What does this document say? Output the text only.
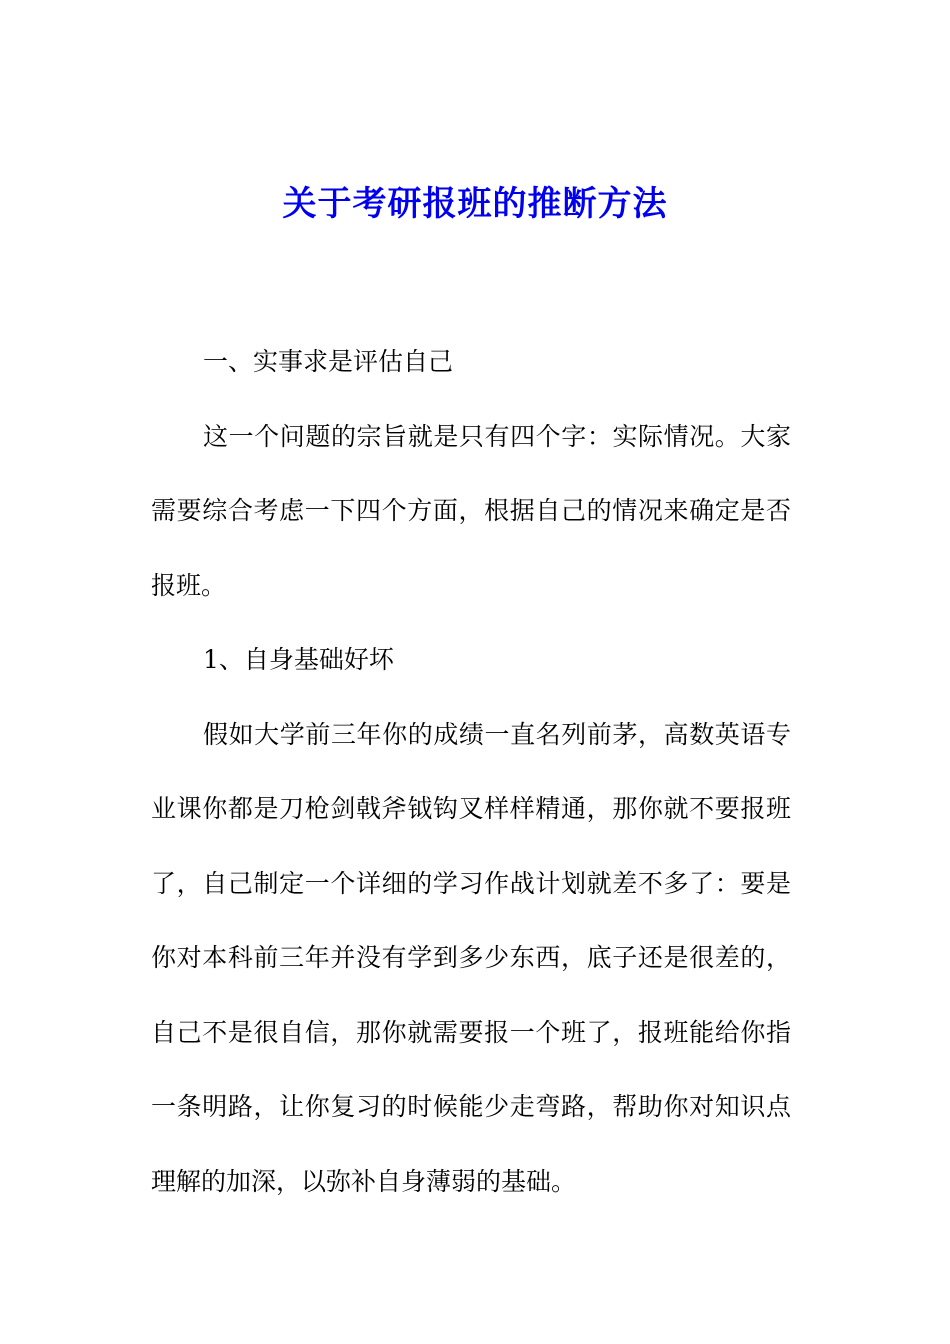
关于考研报班的推断方法

一、实事求是评估自己

这一个问题的宗旨就是只有四个字：实际情况。大家需要综合考虑一下四个方面，根据自己的情况来确定是否报班。

1、自身基础好坏

假如大学前三年你的成绩一直名列前茅，高数英语专业课你都是刀枪剑戟斧钺钩叉样样精通，那你就不要报班了，自己制定一个详细的学习作战计划就差不多了：要是你对本科前三年并没有学到多少东西，底子还是很差的，自己不是很自信，那你就需要报一个班了，报班能给你指一条明路，让你复习的时候能少走弯路，帮助你对知识点理解的加深，以弥补自身薄弱的基础。
